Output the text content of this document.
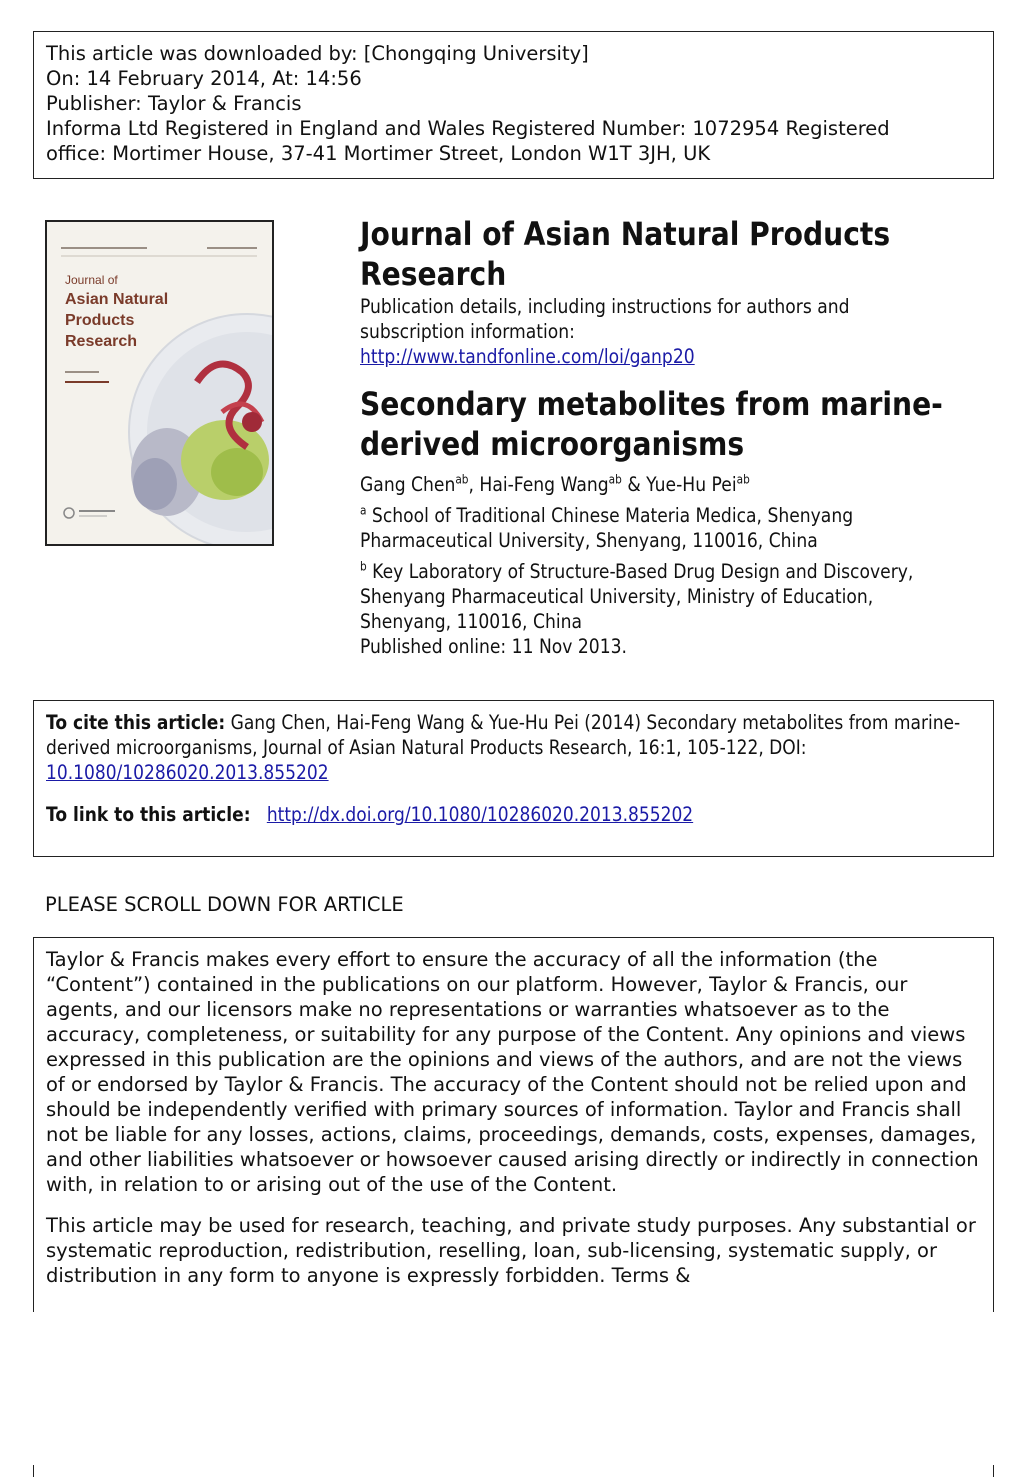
This article was downloaded by: [Chongqing University]
On: 14 February 2014, At: 14:56
Publisher: Taylor & Francis
Informa Ltd Registered in England and Wales Registered Number: 1072954 Registered
office: Mortimer House, 37-41 Mortimer Street, London W1T 3JH, UK
Journal of
Asian Natural
Products
Research
Journal of Asian Natural Products
Research
Publication details, including instructions for authors and
subscription information:
http://www.tandfonline.com/loi/ganp20
Secondary metabolites from marine-
derived microorganisms
Gang Chen$^{ab}$, Hai-Feng Wang$^{ab}$ & Yue-Hu Pei$^{ab}$
$^a$ School of Traditional Chinese Materia Medica, Shenyang
Pharmaceutical University, Shenyang, 110016, China
$^b$ Key Laboratory of Structure-Based Drug Design and Discovery,
Shenyang Pharmaceutical University, Ministry of Education,
Shenyang, 110016, China
Published online: 11 Nov 2013.
To cite this article: Gang Chen, Hai-Feng Wang & Yue-Hu Pei (2014) Secondary metabolites from marine-derived microorganisms, Journal of Asian Natural Products Research, 16:1, 105-122, DOI:
10.1080/10286020.2013.855202
To link to this article: http://dx.doi.org/10.1080/10286020.2013.855202
PLEASE SCROLL DOWN FOR ARTICLE

Taylor & Francis makes every effort to ensure the accuracy of all the information (the “Content”) contained in the publications on our platform. However, Taylor & Francis, our agents, and our licensors make no representations or warranties whatsoever as to the accuracy, completeness, or suitability for any purpose of the Content. Any opinions and views expressed in this publication are the opinions and views of the authors, and are not the views of or endorsed by Taylor & Francis. The accuracy of the Content should not be relied upon and should be independently verified with primary sources of information. Taylor and Francis shall not be liable for any losses, actions, claims, proceedings, demands, costs, expenses, damages, and other liabilities whatsoever or howsoever caused arising directly or indirectly in connection with, in relation to or arising out of the use of the Content.

This article may be used for research, teaching, and private study purposes. Any substantial or systematic reproduction, redistribution, reselling, loan, sub-licensing, systematic supply, or distribution in any form to anyone is expressly forbidden. Terms &
